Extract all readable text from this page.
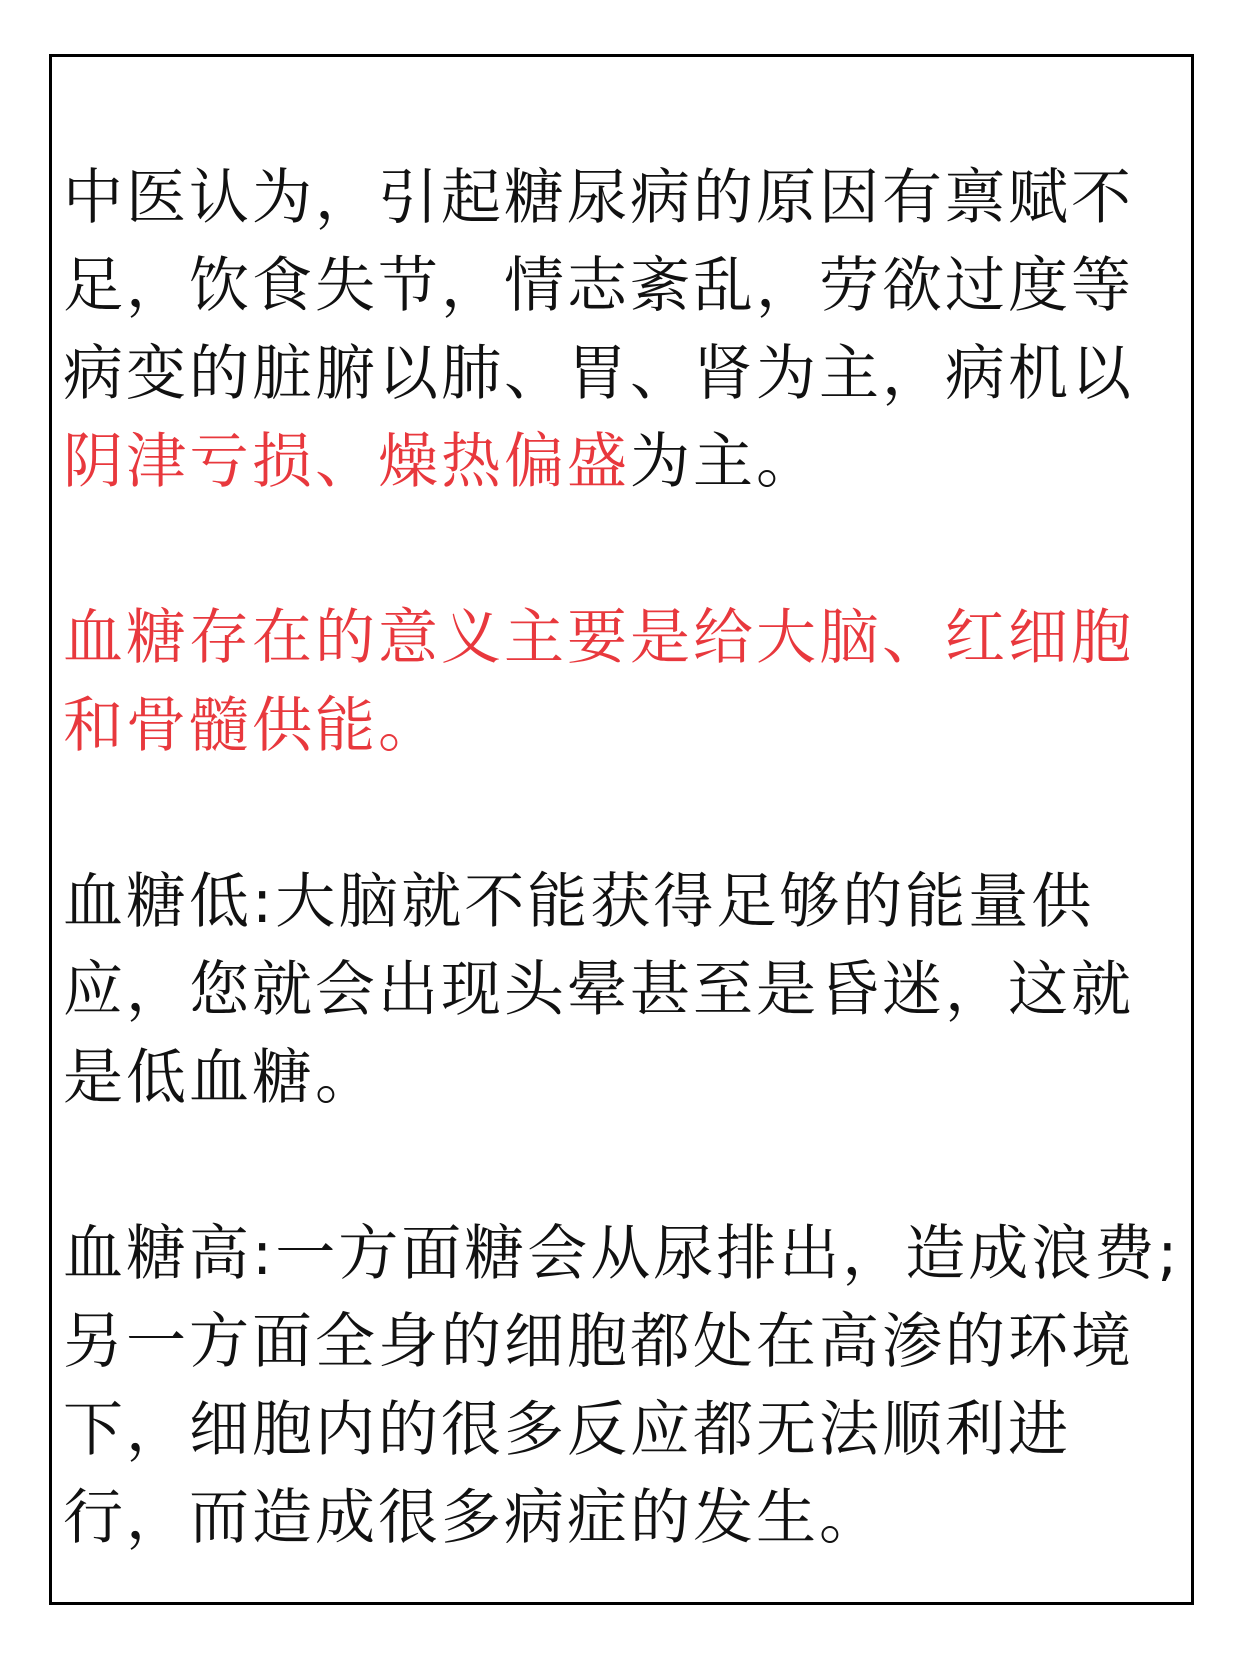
中医认为，引起糖尿病的原因有禀赋不足，饮食失节，情志紊乱，劳欲过度等病变的脏腑以肺、胃、肾为主，病机以阴津亏损、燥热偏盛为主。

血糖存在的意义主要是给大脑、红细胞和骨髓供能。

血糖低:大脑就不能获得足够的能量供应，您就会出现头晕甚至是昏迷，这就是低血糖。

血糖高:一方面糖会从尿排出，造成浪费;另一方面全身的细胞都处在高渗的环境下，细胞内的很多反应都无法顺利进行，而造成很多病症的发生。
